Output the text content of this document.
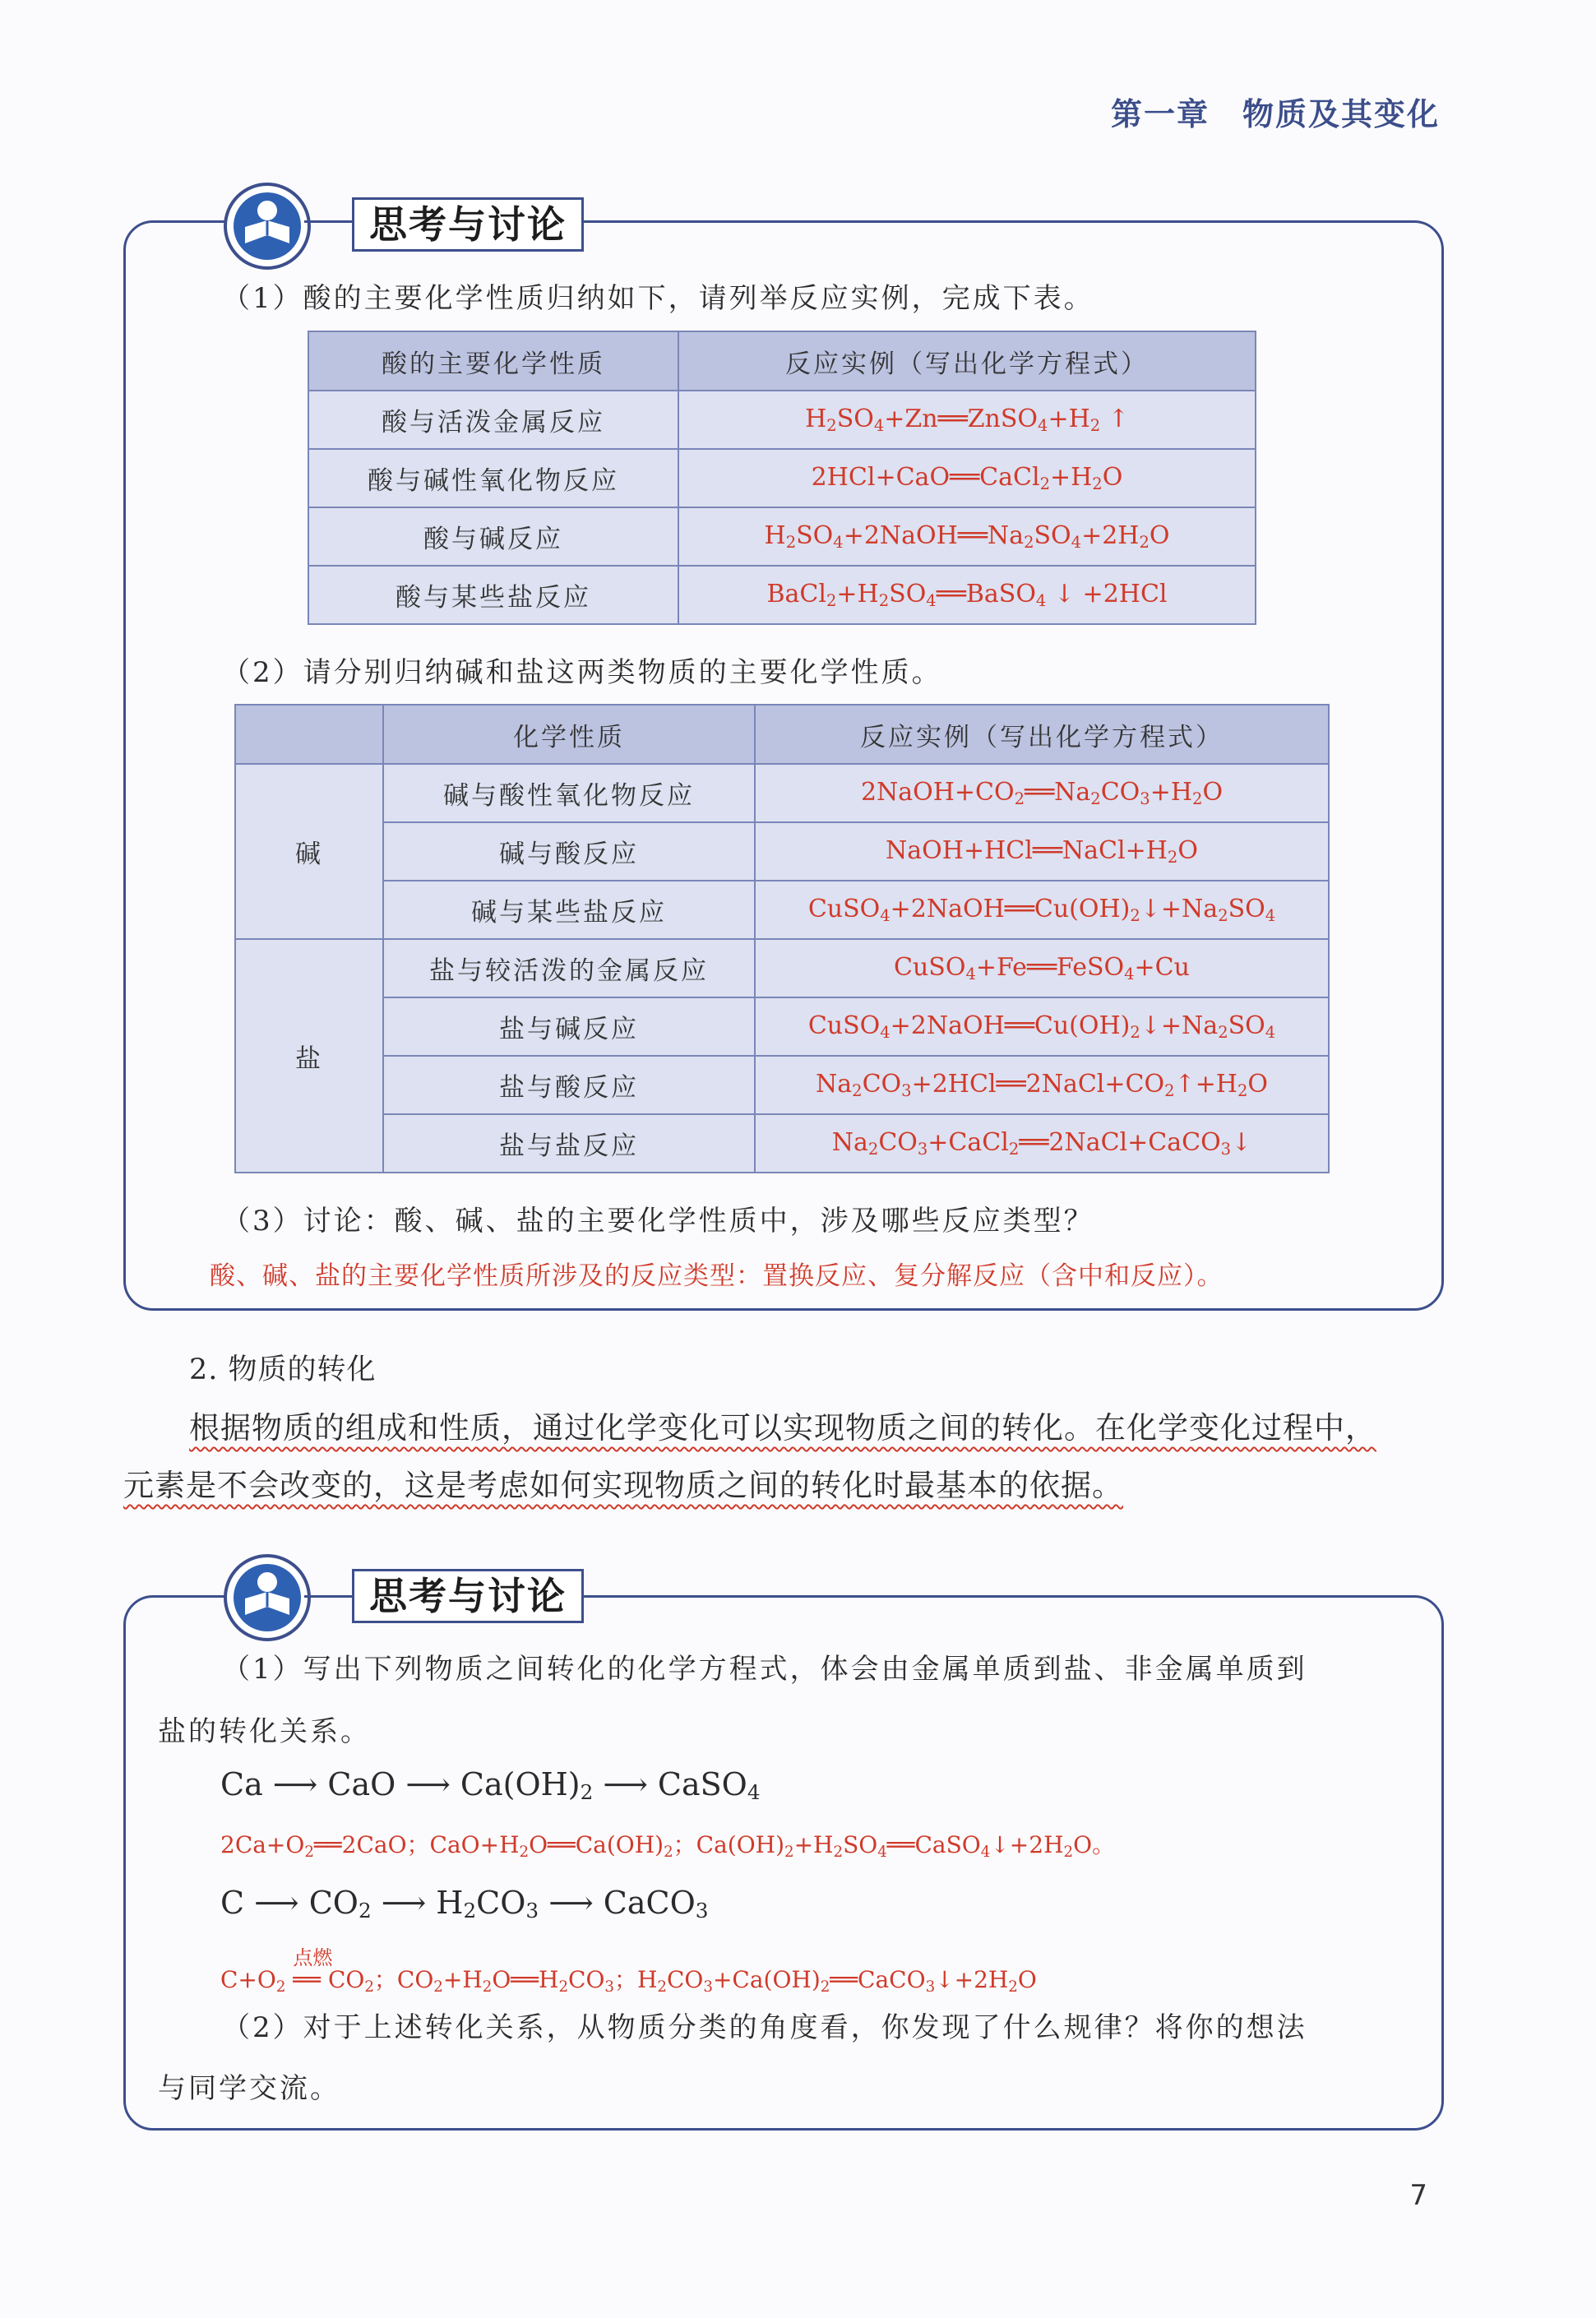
第一章　物质及其变化
思考与讨论
（1）酸的主要化学性质归纳如下，请列举反应实例，完成下表。
酸的主要化学性质	反应实例（写出化学方程式）
酸与活泼金属反应	$H_2SO_4+Zn══ZnSO_4+H_2$ ↑
酸与碱性氧化物反应	$2HCl+CaO══CaCl_2+H_2O$
酸与碱反应	$H_2SO_4+2NaOH══Na_2SO_4+2H_2O$
酸与某些盐反应	$BaCl_2+H_2SO_4══BaSO_4$ ↓ +2HCl
（2）请分别归纳碱和盐这两类物质的主要化学性质。
	化学性质	反应实例（写出化学方程式）
碱	碱与酸性氧化物反应	$2NaOH+CO_2══Na_2CO_3+H_2O$
	碱与酸反应	$NaOH+HCl══NaCl+H_2O$
	碱与某些盐反应	$CuSO_4+2NaOH══Cu(OH)_2↓+Na_2SO_4$
盐	盐与较活泼的金属反应	CuSO$_4$+Fe══FeSO$_4$+Cu
	盐与碱反应	$CuSO_4+2NaOH══Cu(OH)_2↓+Na_2SO_4$
	盐与酸反应	$Na_2CO_3+2HCl══2NaCl+CO_2↑+H_2O$
	盐与盐反应	$Na_2CO_3+CaCl_2══2NaCl+CaCO_3↓$
（3）讨论：酸、碱、盐的主要化学性质中，涉及哪些反应类型？
酸、碱、盐的主要化学性质所涉及的反应类型：置换反应、复分解反应（含中和反应）。
2. 物质的转化
根据物质的组成和性质，通过化学变化可以实现物质之间的转化。在化学变化过程中，
元素是不会改变的，这是考虑如何实现物质之间的转化时最基本的依据。
思考与讨论
（1）写出下列物质之间转化的化学方程式，体会由金属单质到盐、非金属单质到
盐的转化关系。
Ca ⟶ CaO ⟶ $Ca(OH)_2$ ⟶ CaSO$_4$
$2Ca+O_2══2CaO$；$CaO+H_2O══Ca(OH)_2$；$Ca(OH)_2+H_2SO_4══CaSO_4↓+2H_2O$。
C ⟶ $CO_2$ ⟶ $H_2CO_3$ ⟶ CaCO$_3$
$C+O_2$
点燃
══ $CO_2$；$CO_2+H_2O══H_2CO_3$；$H_2CO_3+Ca(OH)_2══CaCO_3↓+2H_2O$
（2）对于上述转化关系，从物质分类的角度看，你发现了什么规律？将你的想法
与同学交流。
7
